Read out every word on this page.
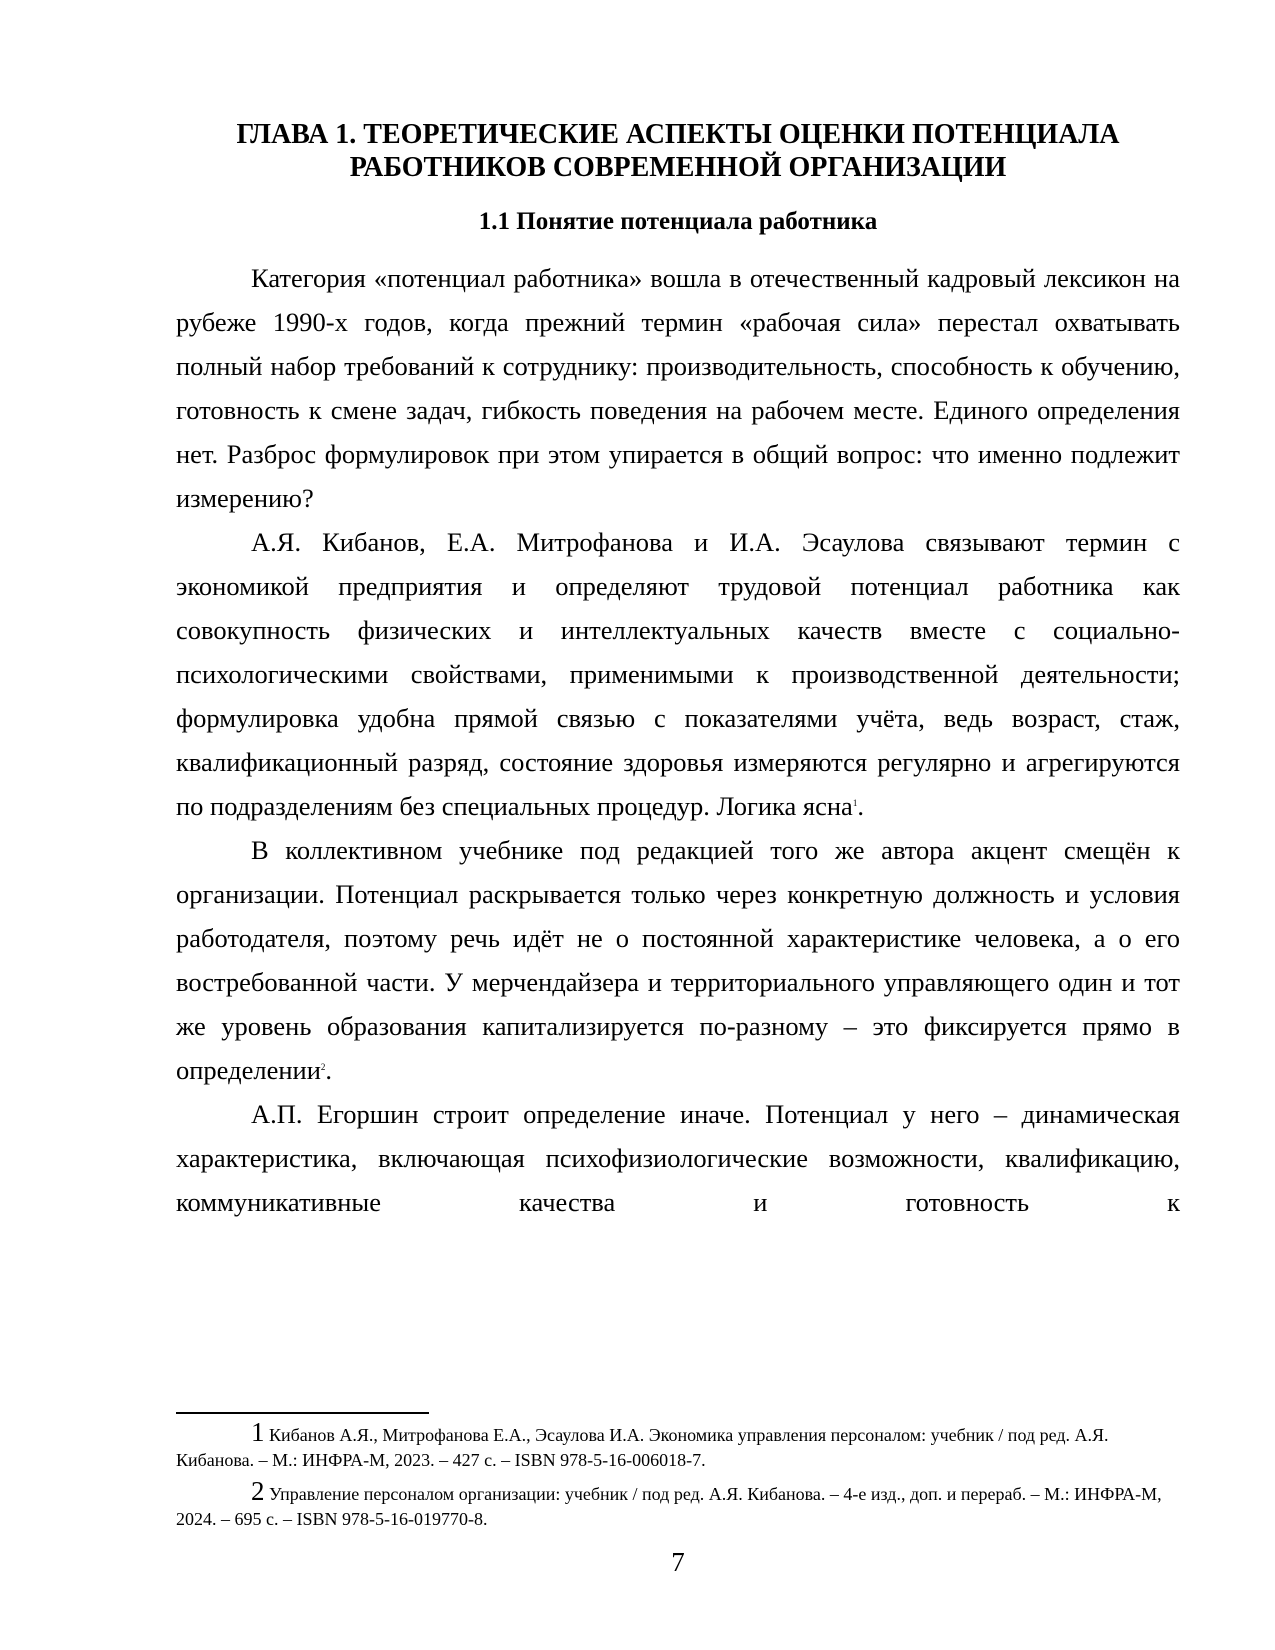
ГЛАВА 1. ТЕОРЕТИЧЕСКИЕ АСПЕКТЫ ОЦЕНКИ ПОТЕНЦИАЛА
РАБОТНИКОВ СОВРЕМЕННОЙ ОРГАНИЗАЦИИ
1.1 Понятие потенциала работника

Категория «потенциал работника» вошла в отечественный кадровый лексикон на рубеже 1990-х годов, когда прежний термин «рабочая сила» перестал охватывать полный набор требований к сотруднику: производительность, способность к обучению, готовность к смене задач, гибкость поведения на рабочем месте. Единого определения нет. Разброс формулировок при этом упирается в общий вопрос: что именно подлежит измерению?

А.Я. Кибанов, Е.А. Митрофанова и И.А. Эсаулова связывают термин с экономикой предприятия и определяют трудовой потенциал работника как совокупность физических и интеллектуальных качеств вместе с социально-психологическими свойствами, применимыми к производственной деятельности; формулировка удобна прямой связью с показателями учёта, ведь возраст, стаж, квалификационный разряд, состояние здоровья измеряются регулярно и агрегируются по подразделениям без специальных процедур. Логика ясна$^1$.

В коллективном учебнике под редакцией того же автора акцент смещён к организации. Потенциал раскрывается только через конкретную должность и условия работодателя, поэтому речь идёт не о постоянной характеристике человека, а о его востребованной части. У мерчендайзера и территориального управляющего один и тот же уровень образования капитализируется по-разному – это фиксируется прямо в определении$^2$.

А.П. Егоршин строит определение иначе. Потенциал у него – динамическая характеристика, включающая психофизиологические возможности, квалификацию, коммуникативные качества и готовность к

1 Кибанов А.Я., Митрофанова Е.А., Эсаулова И.А. Экономика управления персоналом: учебник / под ред. А.Я. Кибанова. – М.: ИНФРА-М, 2023. – 427 с. – ISBN 978-5-16-006018-7.

2 Управление персоналом организации: учебник / под ред. А.Я. Кибанова. – 4-е изд., доп. и перераб. – М.: ИНФРА-М, 2024. – 695 с. – ISBN 978-5-16-019770-8.

7
